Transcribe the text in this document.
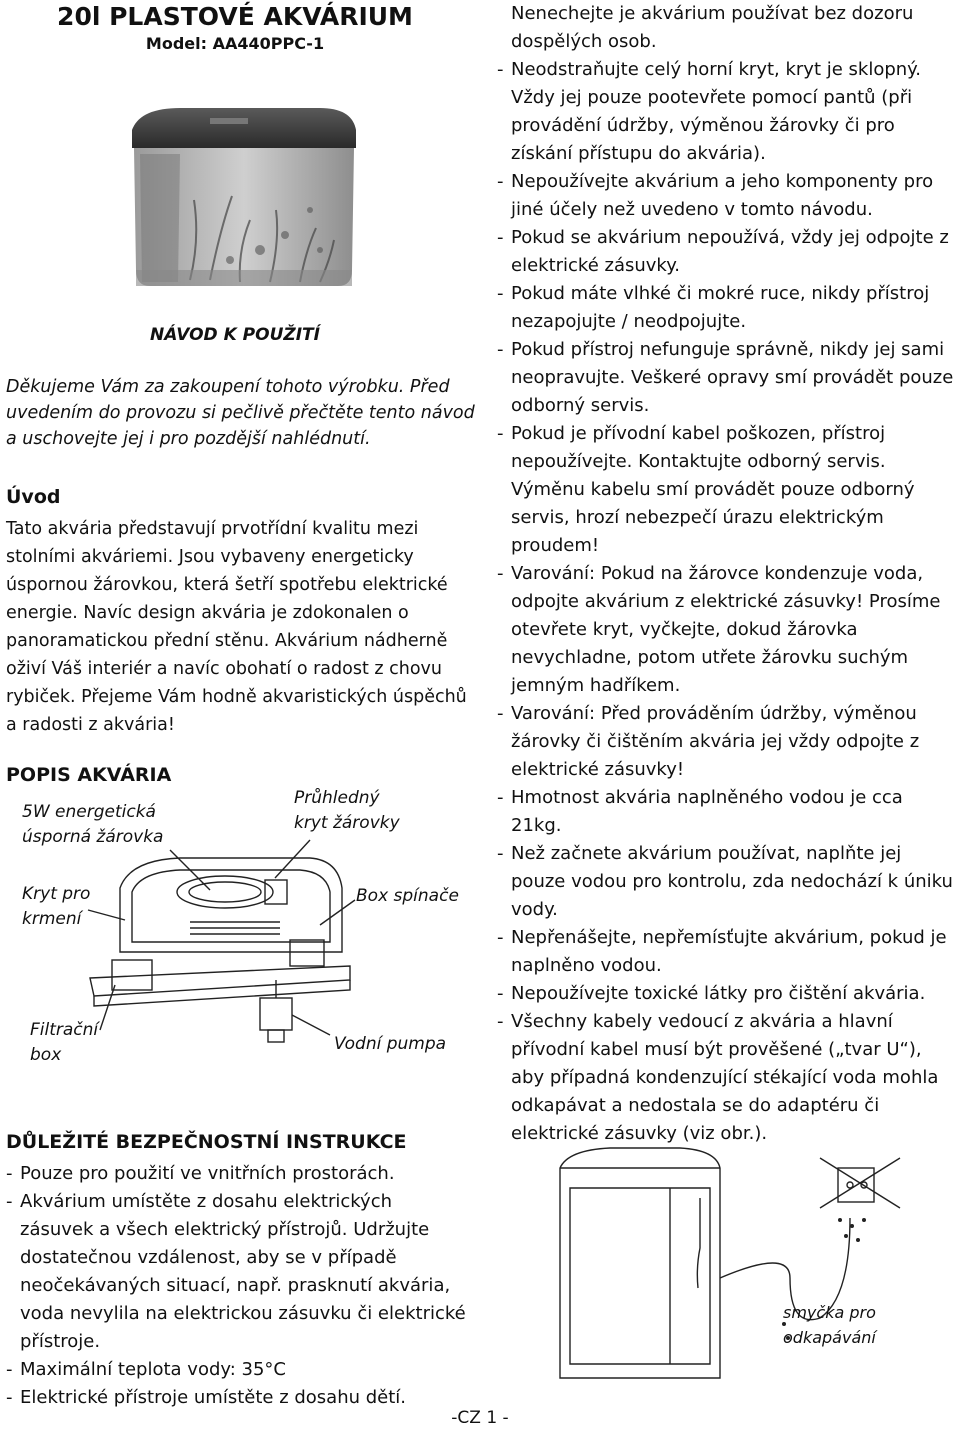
20l PLASTOVÉ AKVÁRIUM
Model: AA440PPC-1
NÁVOD K POUŽITÍ
Děkujeme Vám za zakoupení tohoto výrobku. Před uvedením do provozu si pečlivě přečtěte tento návod a uschovejte jej i pro pozdější nahlédnutí.
Úvod
Tato akvária představují prvotřídní kvalitu mezi stolními akváriemi. Jsou vybaveny energeticky úspornou žárovkou, která šetří spotřebu elektrické energie. Navíc design akvária je zdokonalen o panoramatickou přední stěnu. Akvárium nádherně oživí Váš interiér a navíc obohatí o radost z chovu rybiček. Přejeme Vám hodně akvaristických úspěchů a radosti z akvária!
POPIS AKVÁRIA
5W energetická úsporná žárovka
Průhledný kryt žárovky
Kryt pro krmení
Box spínače
Filtrační box
Vodní pumpa
DŮLEŽITÉ BEZPEČNOSTNÍ INSTRUKCE

- Pouze pro použití ve vnitřních prostorách.

- Akvárium umístěte z dosahu elektrických zásuvek a všech elektrický přístrojů. Udržujte dostatečnou vzdálenost, aby se v případě neočekávaných situací, např. prasknutí akvária, voda nevylila na elektrickou zásuvku či elektrické přístroje.

- Maximální teplota vody: 35°C

- Elektrické přístroje umístěte z dosahu dětí.

Nenechejte je akvárium používat bez dozoru dospělých osob.

- Neodstraňujte celý horní kryt, kryt je sklopný. Vždy jej pouze pootevřete pomocí pantů (při provádění údržby, výměnou žárovky či pro získání přístupu do akvária).

- Nepoužívejte akvárium a jeho komponenty pro jiné účely než uvedeno v tomto návodu.

- Pokud se akvárium nepoužívá, vždy jej odpojte z elektrické zásuvky.

- Pokud máte vlhké či mokré ruce, nikdy přístroj nezapojujte / neodpojujte.

- Pokud přístroj nefunguje správně, nikdy jej sami neopravujte. Veškeré opravy smí provádět pouze odborný servis.

- Pokud je přívodní kabel poškozen, přístroj nepoužívejte. Kontaktujte odborný servis. Výměnu kabelu smí provádět pouze odborný servis, hrozí nebezpečí úrazu elektrickým proudem!

- Varování: Pokud na žárovce kondenzuje voda, odpojte akvárium z elektrické zásuvky! Prosíme otevřete kryt, vyčkejte, dokud žárovka nevychladne, potom utřete žárovku suchým jemným hadříkem.

- Varování: Před prováděním údržby, výměnou žárovky či čištěním akvária jej vždy odpojte z elektrické zásuvky!

- Hmotnost akvária naplněného vodou je cca 21kg.

- Než začnete akvárium používat, naplňte jej pouze vodou pro kontrolu, zda nedochází k úniku vody.

- Nepřenášejte, nepřemísťujte akvárium, pokud je naplněno vodou.

- Nepoužívejte toxické látky pro čištění akvária.

- Všechny kabely vedoucí z akvária a hlavní přívodní kabel musí být prověšené („tvar U“), aby případná kondenzující stékající voda mohla odkapávat a nedostala se do adaptéru či elektrické zásuvky (viz obr.).

smyčka pro odkapávání
-CZ 1 -
